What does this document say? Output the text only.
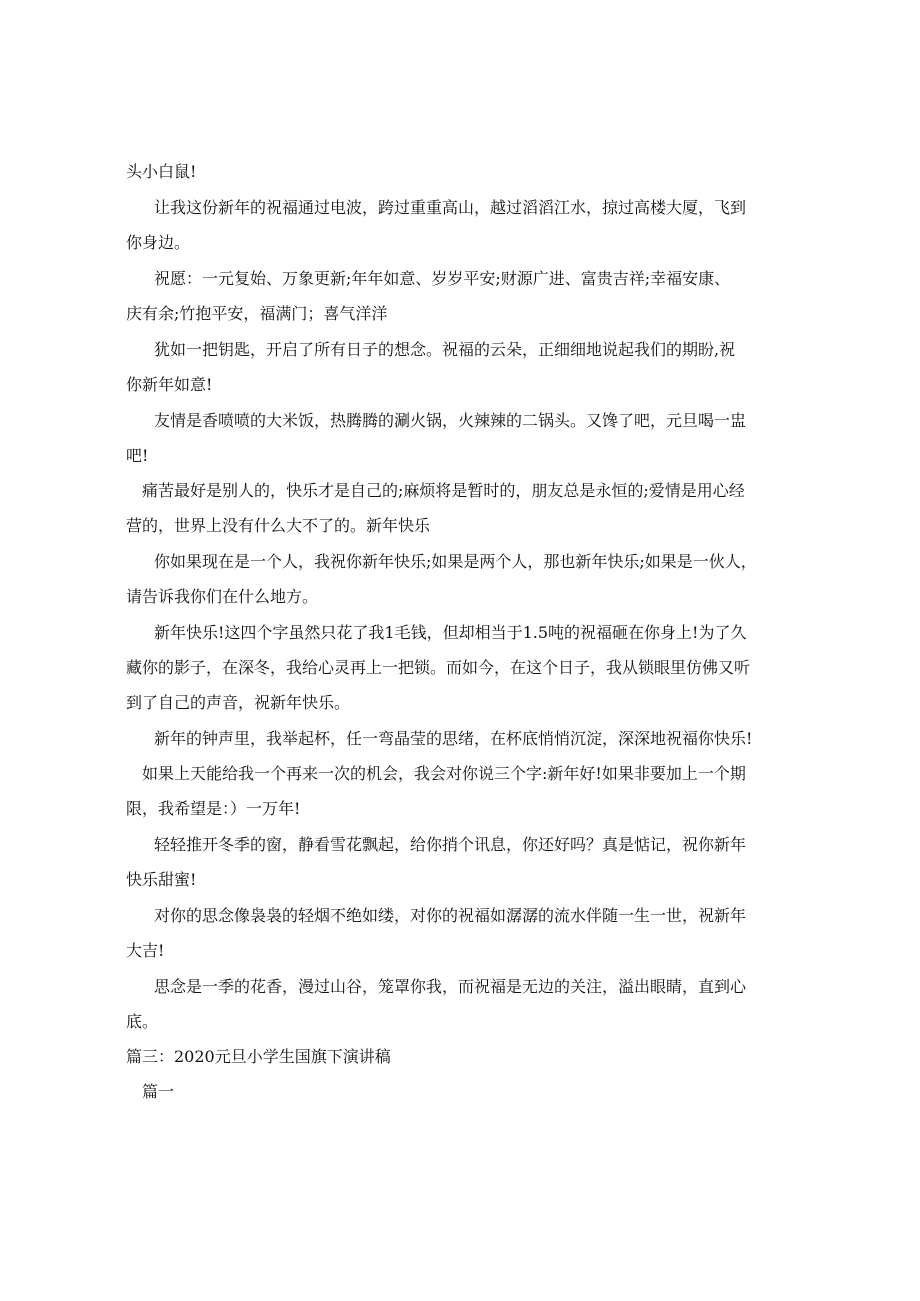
头小白鼠!
让我这份新年的祝福通过电波，跨过重重高山，越过滔滔江水，掠过高楼大厦，飞到
你身边。
祝愿：一元复始、万象更新;年年如意、岁岁平安;财源广进、富贵吉祥;幸福安康、
庆有余;竹抱平安，福满门；喜气洋洋
犹如一把钥匙，开启了所有日子的想念。祝福的云朵，正细细地说起我们的期盼,祝
你新年如意!
友情是香喷喷的大米饭，热腾腾的涮火锅，火辣辣的二锅头。又馋了吧，元旦喝一盅
吧!
痛苦最好是别人的，快乐才是自己的;麻烦将是暂时的，朋友总是永恒的;爱情是用心经
营的，世界上没有什么大不了的。新年快乐
你如果现在是一个人，我祝你新年快乐;如果是两个人，那也新年快乐;如果是一伙人，
请告诉我你们在什么地方。
新年快乐!这四个字虽然只花了我1毛钱，但却相当于1.5吨的祝福砸在你身上!为了久
藏你的影子，在深冬，我给心灵再上一把锁。而如今，在这个日子，我从锁眼里仿佛又听
到了自己的声音，祝新年快乐。
新年的钟声里，我举起杯，任一弯晶莹的思绪，在杯底悄悄沉淀，深深地祝福你快乐!
如果上天能给我一个再来一次的机会，我会对你说三个字:新年好!如果非要加上一个期
限，我希望是：）一万年!
轻轻推开冬季的窗，静看雪花飘起，给你捎个讯息，你还好吗？真是惦记，祝你新年
快乐甜蜜!
对你的思念像袅袅的轻烟不绝如缕，对你的祝福如潺潺的流水伴随一生一世，祝新年
大吉!
思念是一季的花香，漫过山谷，笼罩你我，而祝福是无边的关注，溢出眼睛，直到心
底。
篇三：2020元旦小学生国旗下演讲稿
篇一
